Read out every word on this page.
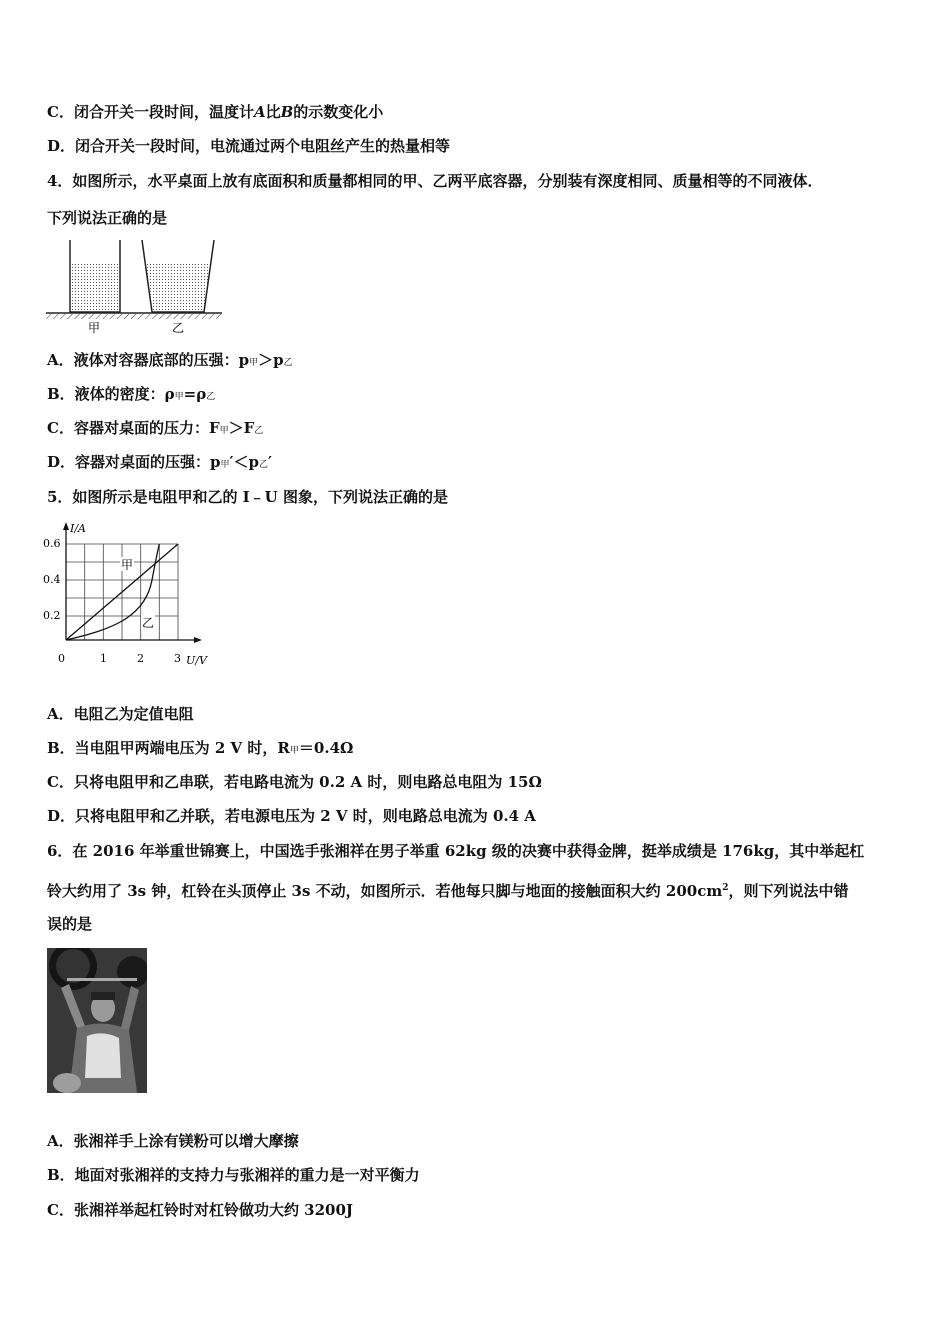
C．闭合开关一段时间，温度计A比B的示数变化小
D．闭合开关一段时间，电流通过两个电阻丝产生的热量相等
4．如图所示，水平桌面上放有底面积和质量都相同的甲、乙两平底容器，分别装有深度相同、质量相等的不同液体．
下列说法正确的是
甲	乙
A．液体对容器底部的压强：p甲＞p乙
B．液体的密度：ρ甲=ρ乙
C．容器对桌面的压力：F甲＞F乙
D．容器对桌面的压强：p甲′＜p乙′
5．如图所示是电阻甲和乙的 I﹣U 图象，下列说法正确的是
I/A
U/V
0.6
0.4
0.2
0	1	2	3
甲
乙
A．电阻乙为定值电阻
B．当电阻甲两端电压为 2 V 时，R甲＝0.4Ω
C．只将电阻甲和乙串联，若电路电流为 0.2 A 时，则电路总电阻为 15Ω
D．只将电阻甲和乙并联，若电源电压为 2 V 时，则电路总电流为 0.4 A
6．在 2016 年举重世锦赛上，中国选手张湘祥在男子举重 62kg 级的决赛中获得金牌，挺举成绩是 176kg，其中举起杠
铃大约用了 3s 钟，杠铃在头顶停止 3s 不动，如图所示．若他每只脚与地面的接触面积大约 $200cm^2$，则下列说法中错
误的是
A．张湘祥手上涂有镁粉可以增大摩擦
B．地面对张湘祥的支持力与张湘祥的重力是一对平衡力
C．张湘祥举起杠铃时对杠铃做功大约 3200J
